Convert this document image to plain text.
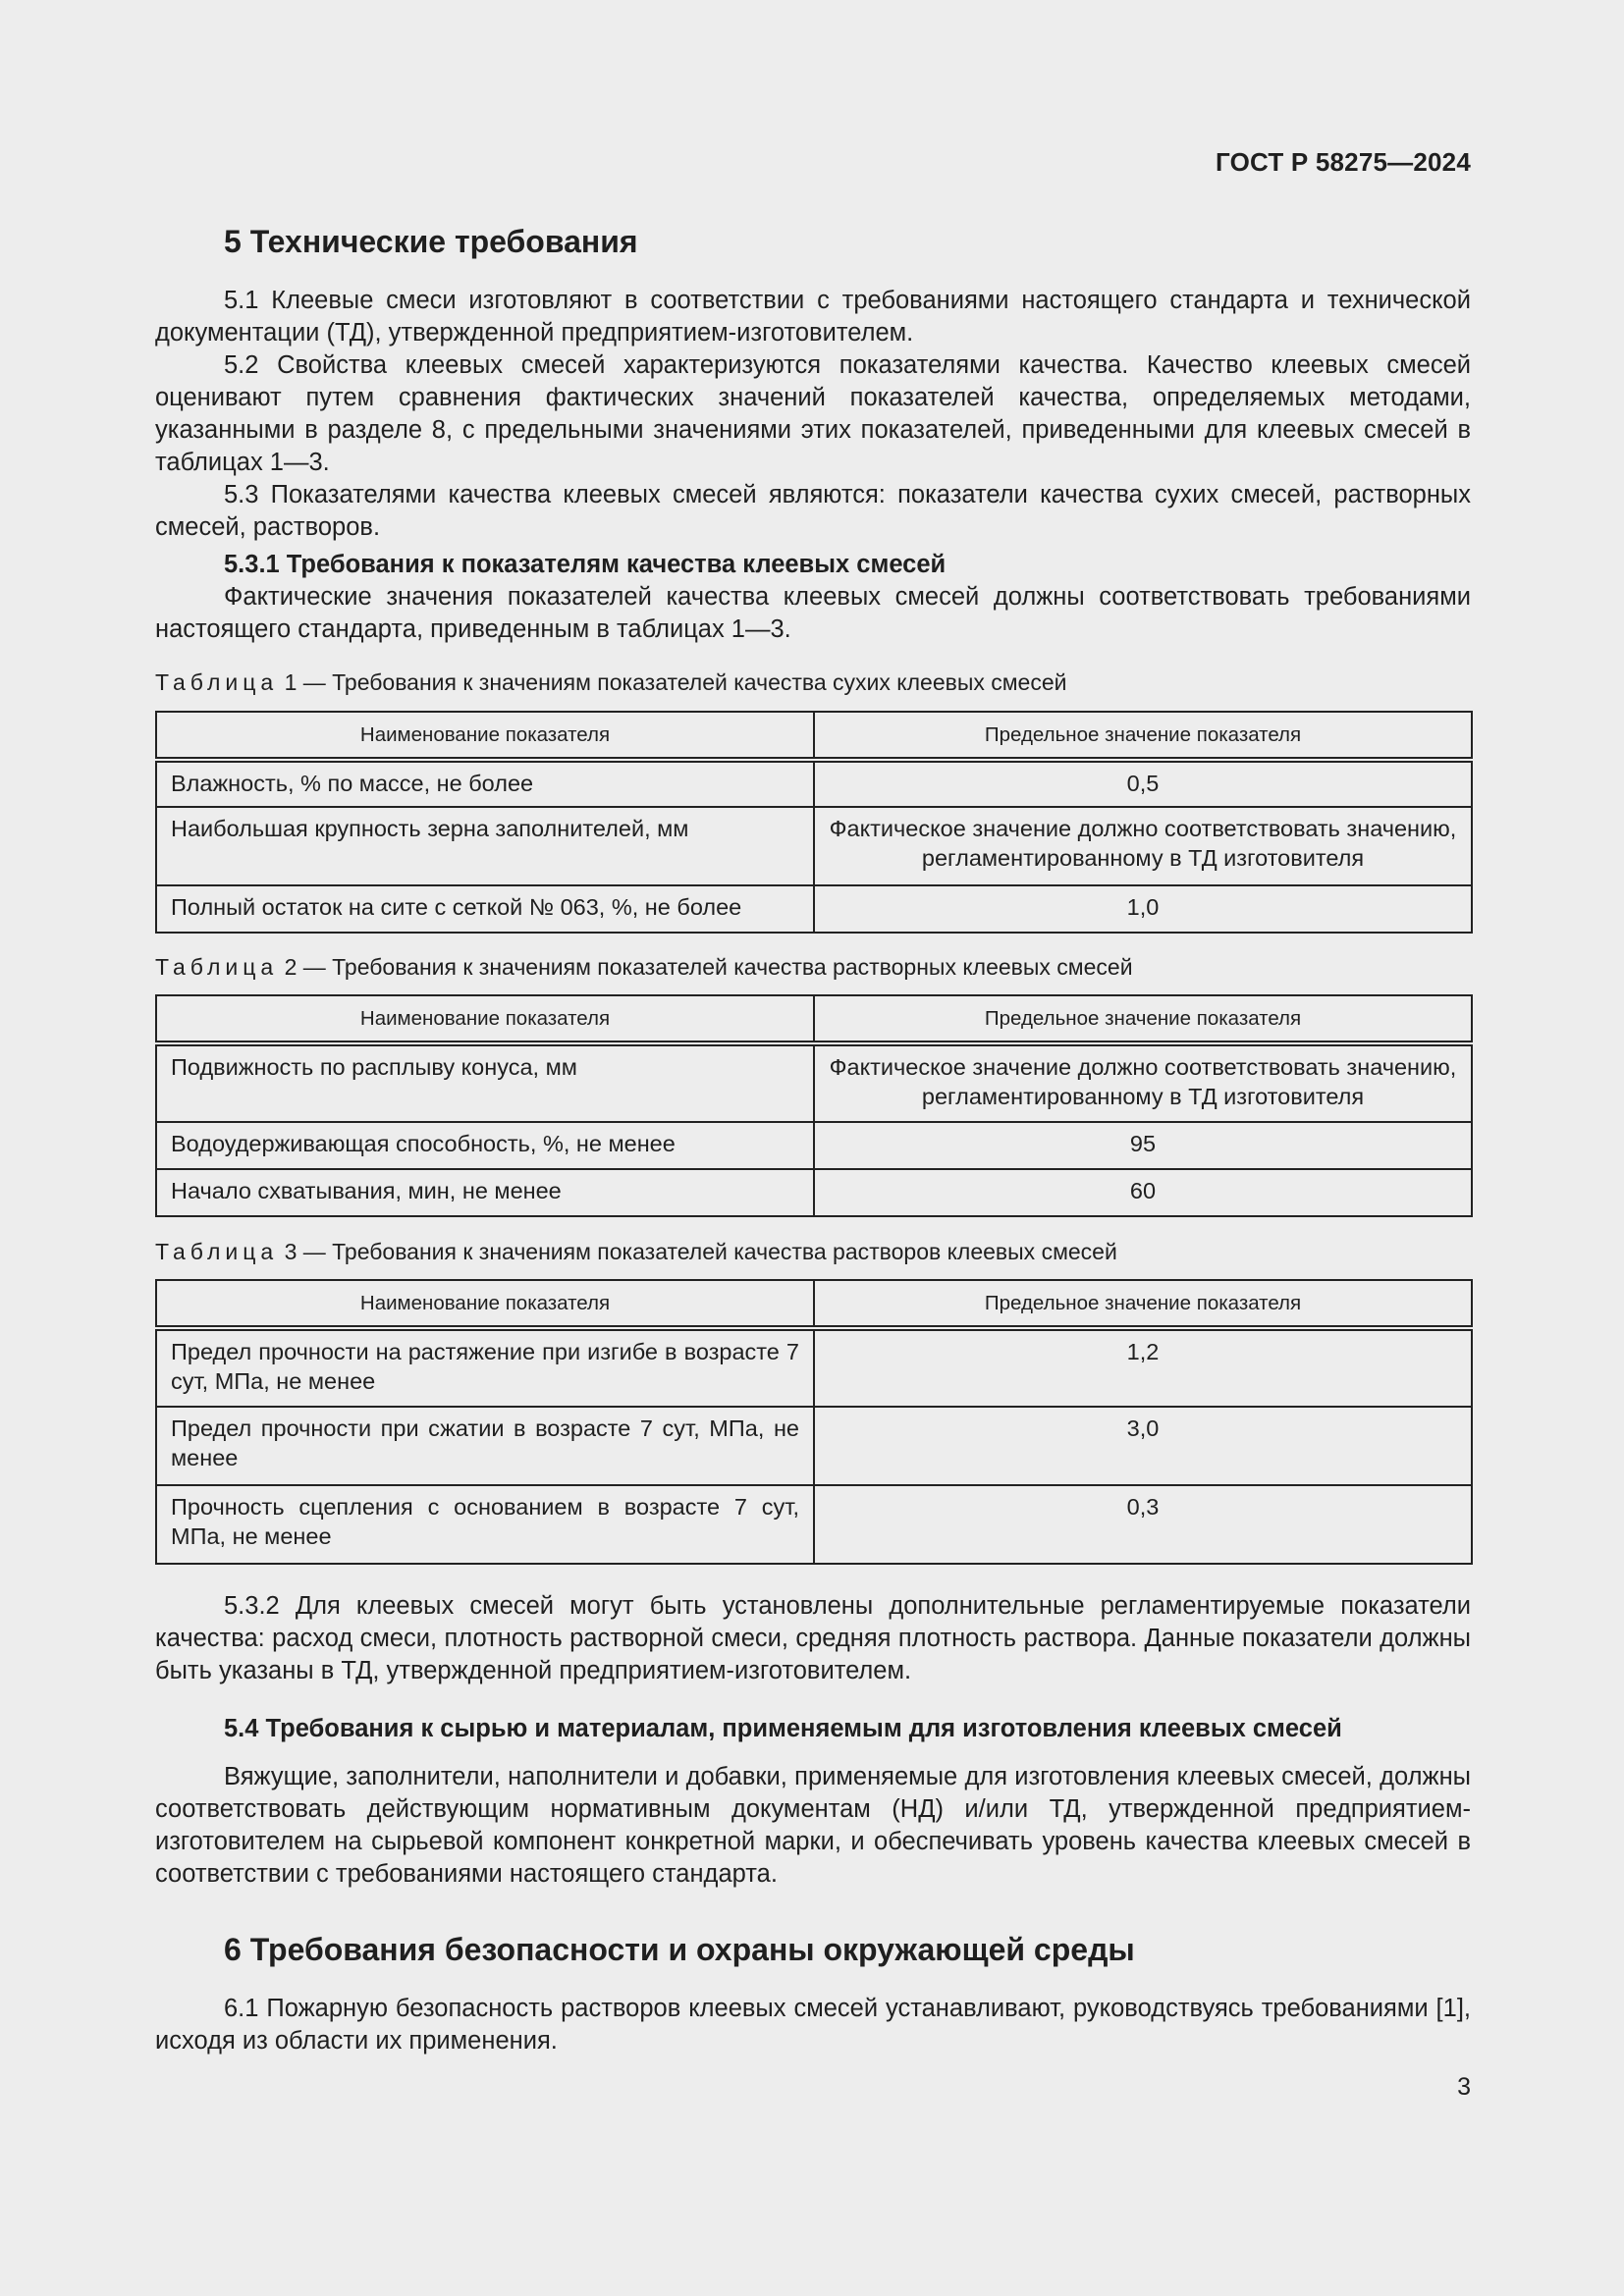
ГОСТ Р 58275—2024
5 Технические требования

5.1 Клеевые смеси изготовляют в соответствии с требованиями настоящего стандарта и технической документации (ТД), утвержденной предприятием-изготовителем.

5.2 Свойства клеевых смесей характеризуются показателями качества. Качество клеевых смесей оценивают путем сравнения фактических значений показателей качества, определяемых методами, указанными в разделе 8, с предельными значениями этих показателей, приведенными для клеевых смесей в таблицах 1—3.

5.3 Показателями качества клеевых смесей являются: показатели качества сухих смесей, растворных смесей, растворов.

5.3.1 Требования к показателям качества клеевых смесей

Фактические значения показателей качества клеевых смесей должны соответствовать требованиями настоящего стандарта, приведенным в таблицах 1—3.

Таблица 1 — Требования к значениям показателей качества сухих клеевых смесей
Наименование показателя	Предельное значение показателя
Влажность, % по массе, не более	0,5
Наибольшая крупность зерна заполнителей, мм	Фактическое значение должно соответствовать значению, регламентированному в ТД изготовителя
Полный остаток на сите с сеткой № 063, %, не более	1,0
Таблица 2 — Требования к значениям показателей качества растворных клеевых смесей
Наименование показателя	Предельное значение показателя
Подвижность по расплыву конуса, мм	Фактическое значение должно соответствовать значению, регламентированному в ТД изготовителя
Водоудерживающая способность, %, не менее	95
Начало схватывания, мин, не менее	60
Таблица 3 — Требования к значениям показателей качества растворов клеевых смесей
Наименование показателя	Предельное значение показателя
Предел прочности на растяжение при изгибе в возрасте 7 сут, МПа, не менее	1,2
Предел прочности при сжатии в возрасте 7 сут, МПа, не менее	3,0
Прочность сцепления с основанием в возрасте 7 сут, МПа, не менее	0,3

5.3.2 Для клеевых смесей могут быть установлены дополнительные регламентируемые показатели качества: расход смеси, плотность растворной смеси, средняя плотность раствора. Данные показатели должны быть указаны в ТД, утвержденной предприятием-изготовителем.

5.4 Требования к сырью и материалам, применяемым для изготовления клеевых смесей

Вяжущие, заполнители, наполнители и добавки, применяемые для изготовления клеевых смесей, должны соответствовать действующим нормативным документам (НД) и/или ТД, утвержденной предприятием-изготовителем на сырьевой компонент конкретной марки, и обеспечивать уровень качества клеевых смесей в соответствии с требованиями настоящего стандарта.

6 Требования безопасности и охраны окружающей среды

6.1 Пожарную безопасность растворов клеевых смесей устанавливают, руководствуясь требованиями [1], исходя из области их применения.

3
